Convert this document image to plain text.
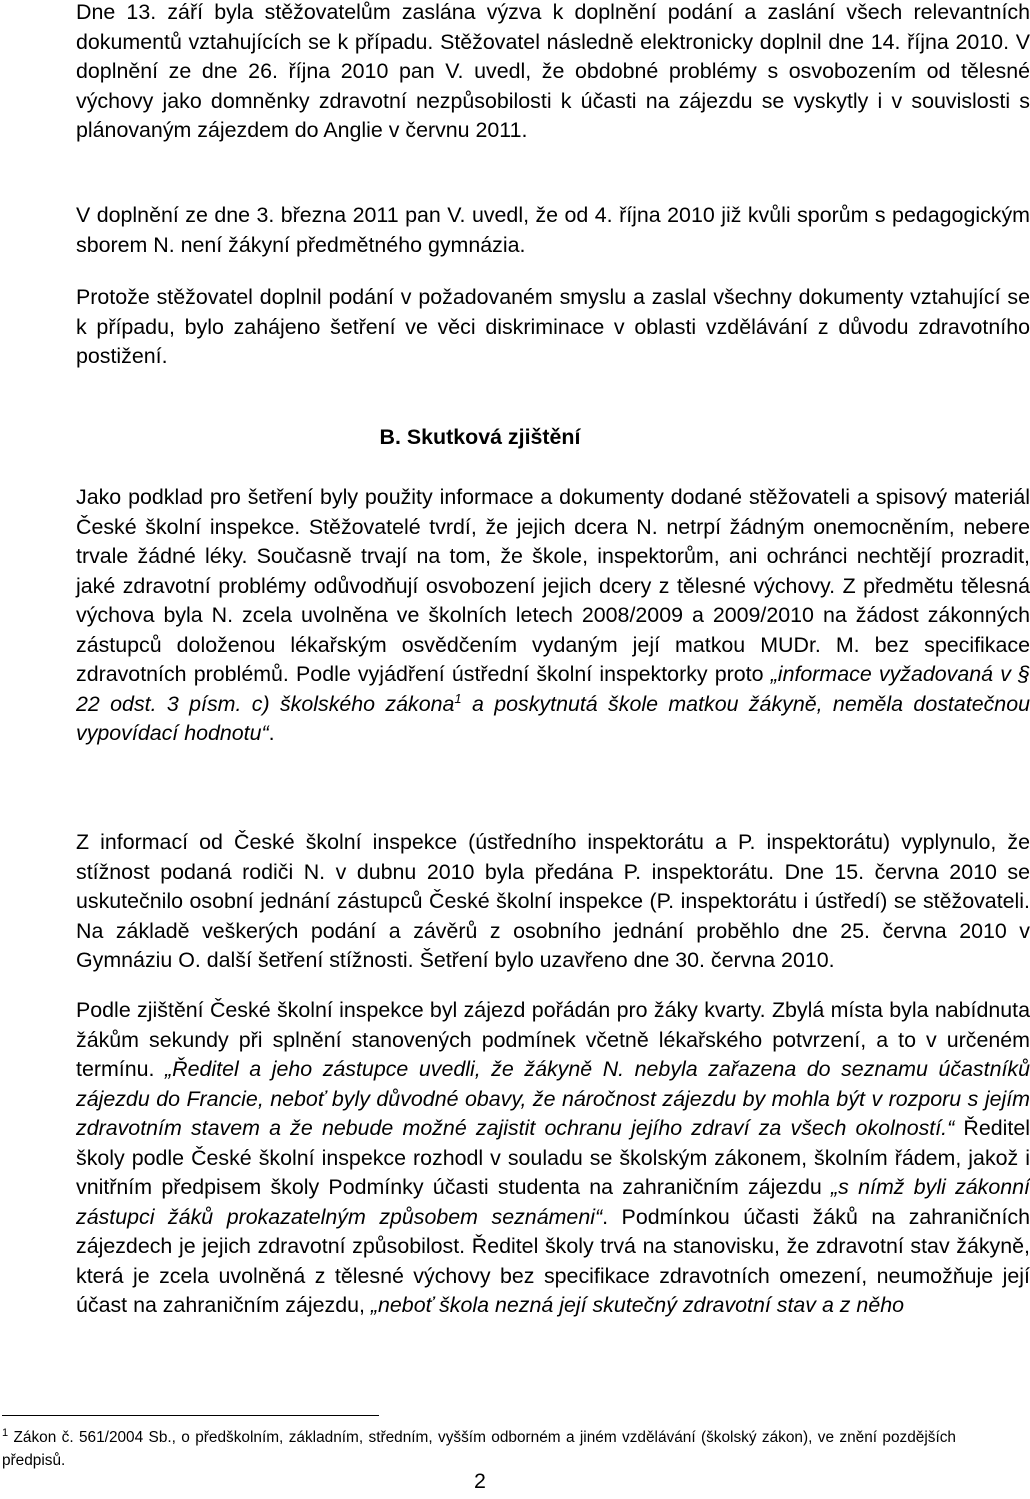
Dne 13. září byla stěžovatelům zaslána výzva k doplnění podání a zaslání všech relevantních dokumentů vztahujících se k případu. Stěžovatel následně elektronicky doplnil dne 14. října 2010. V doplnění ze dne 26. října 2010 pan V. uvedl, že obdobné problémy s osvobozením od tělesné výchovy jako domněnky zdravotní nezpůsobilosti k účasti na zájezdu se vyskytly i v souvislosti s plánovaným zájezdem do Anglie v červnu 2011.

V doplnění ze dne 3. března 2011 pan V. uvedl, že od 4. října 2010 již kvůli sporům s pedagogickým sborem N. není žákyní předmětného gymnázia.

Protože stěžovatel doplnil podání v požadovaném smyslu a zaslal všechny dokumenty vztahující se k případu, bylo zahájeno šetření ve věci diskriminace v oblasti vzdělávání z důvodu zdravotního postižení.

B. Skutková zjištění

Jako podklad pro šetření byly použity informace a dokumenty dodané stěžovateli a spisový materiál České školní inspekce. Stěžovatelé tvrdí, že jejich dcera N. netrpí žádným onemocněním, nebere trvale žádné léky. Současně trvají na tom, že škole, inspektorům, ani ochránci nechtějí prozradit, jaké zdravotní problémy odůvodňují osvobození jejich dcery z tělesné výchovy. Z předmětu tělesná výchova byla N. zcela uvolněna ve školních letech 2008/2009 a 2009/2010 na žádost zákonných zástupců doloženou lékařským osvědčením vydaným její matkou MUDr. M. bez specifikace zdravotních problémů. Podle vyjádření ústřední školní inspektorky proto „informace vyžadovaná v § 22 odst. 3 písm. c) školského zákona$^1$ a poskytnutá škole matkou žákyně, neměla dostatečnou vypovídací hodnotu“.

Z informací od České školní inspekce (ústředního inspektorátu a P. inspektorátu) vyplynulo, že stížnost podaná rodiči N. v dubnu 2010 byla předána P. inspektorátu. Dne 15. června 2010 se uskutečnilo osobní jednání zástupců České školní inspekce (P. inspektorátu i ústředí) se stěžovateli. Na základě veškerých podání a závěrů z osobního jednání proběhlo dne 25. června 2010 v Gymnáziu O. další šetření stížnosti. Šetření bylo uzavřeno dne 30. června 2010.

Podle zjištění České školní inspekce byl zájezd pořádán pro žáky kvarty. Zbylá místa byla nabídnuta žákům sekundy při splnění stanovených podmínek včetně lékařského potvrzení, a to v určeném termínu. „Ředitel a jeho zástupce uvedli, že žákyně N. nebyla zařazena do seznamu účastníků zájezdu do Francie, neboť byly důvodné obavy, že náročnost zájezdu by mohla být v rozporu s jejím zdravotním stavem a že nebude možné zajistit ochranu jejího zdraví za všech okolností.“ Ředitel školy podle České školní inspekce rozhodl v souladu se školským zákonem, školním řádem, jakož i vnitřním předpisem školy Podmínky účasti studenta na zahraničním zájezdu „s nímž byli zákonní zástupci žáků prokazatelným způsobem seznámeni“. Podmínkou účasti žáků na zahraničních zájezdech je jejich zdravotní způsobilost. Ředitel školy trvá na stanovisku, že zdravotní stav žákyně, která je zcela uvolněná z tělesné výchovy bez specifikace zdravotních omezení, neumožňuje její účast na zahraničním zájezdu, „neboť škola nezná její skutečný zdravotní stav a z něho

$^1$ Zákon č. 561/2004 Sb., o předškolním, základním, středním, vyšším odborném a jiném vzdělávání (školský zákon), ve znění pozdějších předpisů.

2
